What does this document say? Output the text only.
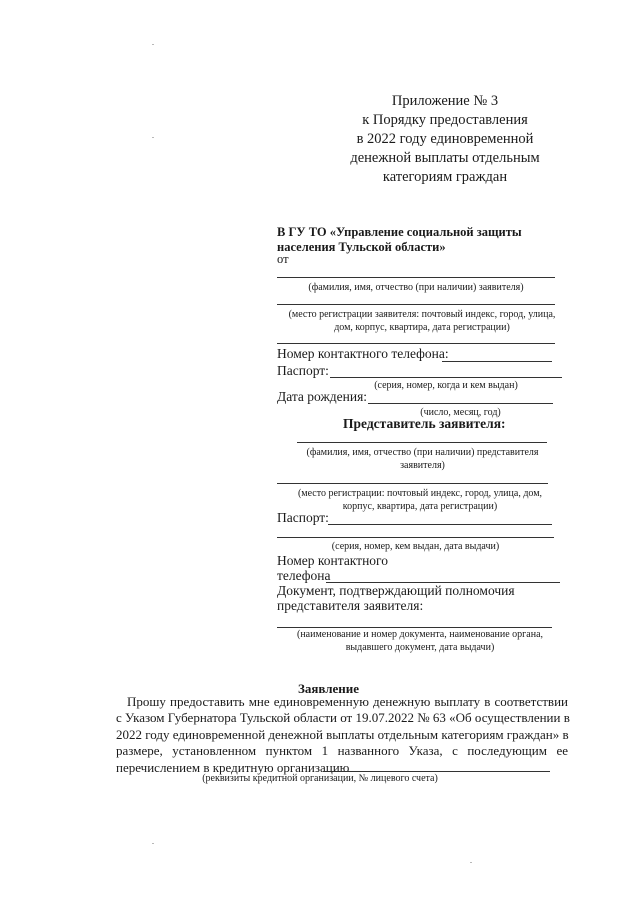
Приложение № 3
к Порядку предоставления
в 2022 году единовременной
денежной выплаты отдельным
категориям граждан
В ГУ ТО «Управление социальной защиты
населения Тульской области»
от
(фамилия, имя, отчество (при наличии) заявителя)
(место регистрации заявителя: почтовый индекс, город, улица,
дом, корпус, квартира, дата регистрации)
Номер контактного телефона:
Паспорт:
(серия, номер, когда и кем выдан)
Дата рождения:
(число, месяц, год)
Представитель заявителя:
(фамилия, имя, отчество (при наличии) представителя
заявителя)
(место регистрации: почтовый индекс, город, улица, дом,
корпус, квартира, дата регистрации)
Паспорт:
(серия, номер, кем выдан, дата выдачи)
Номер контактного
телефона
Документ, подтверждающий полномочия
представителя заявителя:
(наименование и номер документа, наименование органа,
выдавшего документ, дата выдачи)
Заявление
Прошу предоставить мне единовременную денежную выплату в соответствии
с Указом Губернатора Тульской области от 19.07.2022 № 63 «Об осуществлении в
2022 году единовременной денежной выплаты отдельным категориям граждан» в
размере, установленном пунктом 1 названного Указа, с последующим ее
перечислением в кредитную организацию
(реквизиты кредитной организации, № лицевого счета)
